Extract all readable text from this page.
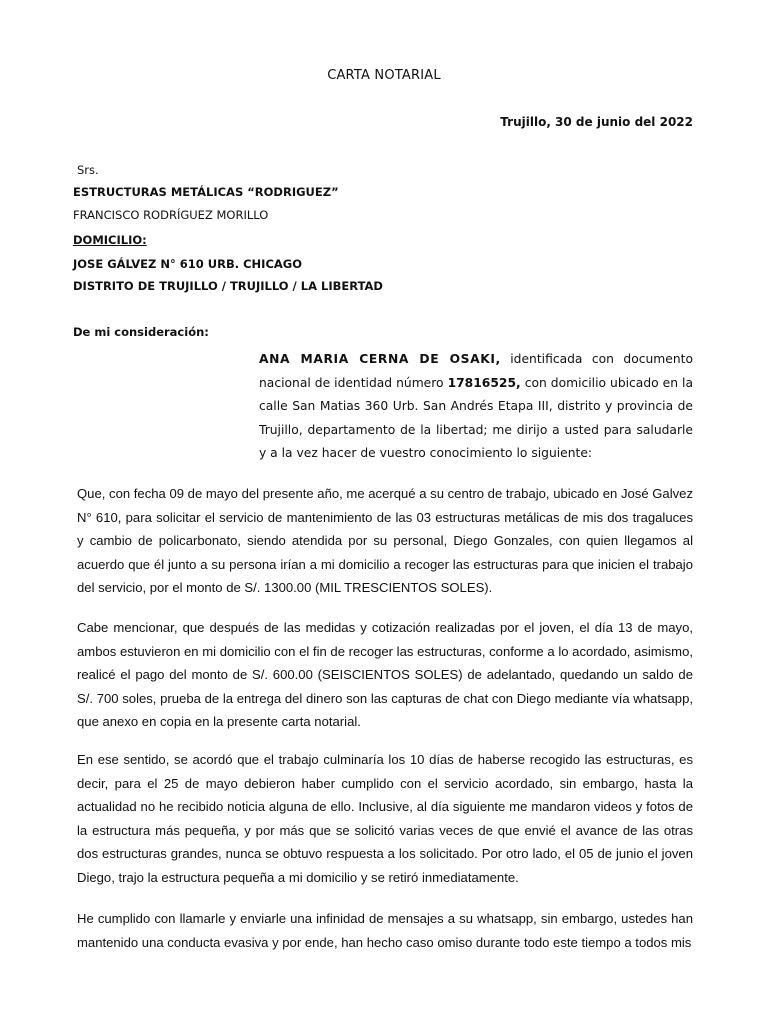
CARTA NOTARIAL
Trujillo, 30 de junio del 2022
Srs.
ESTRUCTURAS METÁLICAS “RODRIGUEZ”
FRANCISCO RODRÍGUEZ MORILLO
DOMICILIO:
JOSE GÁLVEZ N° 610 URB. CHICAGO
DISTRITO DE TRUJILLO / TRUJILLO / LA LIBERTAD
De mi consideración:
ANA MARIA CERNA DE OSAKI, identificada con documento nacional de identidad número 17816525, con domicilio ubicado en la calle San Matias 360 Urb. San Andrés Etapa III, distrito y provincia de Trujillo, departamento de la libertad; me dirijo a usted para saludarle y a la vez hacer de vuestro conocimiento lo siguiente:

Que, con fecha 09 de mayo del presente año, me acerqué a su centro de trabajo, ubicado en José Galvez N° 610, para solicitar el servicio de mantenimiento de las 03 estructuras metálicas de mis dos tragaluces y cambio de policarbonato, siendo atendida por su personal, Diego Gonzales, con quien llegamos al acuerdo que él junto a su persona irían a mi domicilio a recoger las estructuras para que inicien el trabajo del servicio, por el monto de S/. 1300.00 (MIL TRESCIENTOS SOLES).

Cabe mencionar, que después de las medidas y cotización realizadas por el joven, el día 13 de mayo, ambos estuvieron en mi domicilio con el fin de recoger las estructuras, conforme a lo acordado, asimismo, realicé el pago del monto de S/. 600.00 (SEISCIENTOS SOLES) de adelantado, quedando un saldo de S/. 700 soles, prueba de la entrega del dinero son las capturas de chat con Diego mediante vía whatsapp, que anexo en copia en la presente carta notarial.

En ese sentido, se acordó que el trabajo culminaría los 10 días de haberse recogido las estructuras, es decir, para el 25 de mayo debieron haber cumplido con el servicio acordado, sin embargo, hasta la actualidad no he recibido noticia alguna de ello. Inclusive, al día siguiente me mandaron videos y fotos de la estructura más pequeña, y por más que se solicitó varias veces de que envié el avance de las otras dos estructuras grandes, nunca se obtuvo respuesta a los solicitado. Por otro lado, el 05 de junio el joven Diego, trajo la estructura pequeña a mi domicilio y se retiró inmediatamente.

He cumplido con llamarle y enviarle una infinidad de mensajes a su whatsapp, sin embargo, ustedes han mantenido una conducta evasiva y por ende, han hecho caso omiso durante todo este tiempo a todos mis
